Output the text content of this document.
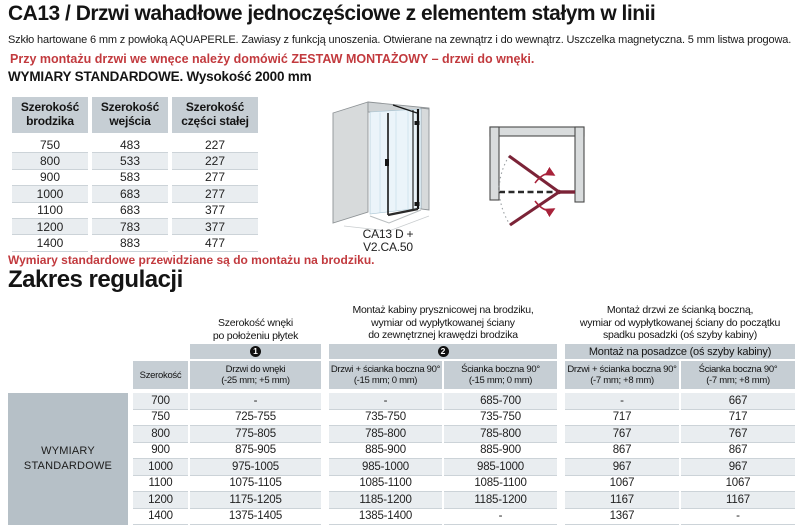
CA13 / Drzwi wahadłowe jednoczęściowe z elementem stałym w linii
Szkło hartowane 6 mm z powłoką AQUAPERLE. Zawiasy z funkcją unoszenia. Otwierane na zewnątrz i do wewnątrz. Uszczelka magnetyczna. 5 mm listwa progowa.
Przy montażu drzwi we wnęce należy domówić ZESTAW MONTAŻOWY – drzwi do wnęki.
WYMIARY STANDARDOWE. Wysokość 2000 mm
Szerokość brodzika
Szerokość wejścia
Szerokość części stałej
750	483	227
800	533	227
900	583	277
1000	683	277
1100	683	377
1200	783	377
1400	883	477
CA13 D +
V2.CA.50
Wymiary standardowe przewidziane są do montażu na brodziku.
Zakres regulacji
Szerokość wnęki
po położeniu płytek
Montaż kabiny prysznicowej na brodziku,
wymiar od wypłytkowanej ściany
do zewnętrznej krawędzi brodzika
Montaż drzwi ze ścianką boczną,
wymiar od wypłytkowanej ściany do początku
spadku posadzki (oś szyby kabiny)
1	2	Montaż na posadzce (oś szyby kabiny)
Szerokość	Drzwi do wnęki
(-25 mm; +5 mm)
Drzwi + ścianka boczna 90°
(-15 mm; 0 mm)
Ścianka boczna 90°
(-15 mm; 0 mm)
Drzwi + ścianka boczna 90°
(-7 mm; +8 mm)
Ścianka boczna 90°
(-7 mm; +8 mm)
700	-	-	685-700	-	667
750	725-755	735-750	735-750	717	717
800	775-805	785-800	785-800	767	767
900	875-905	885-900	885-900	867	867
1000	975-1005	985-1000	985-1000	967	967
1100	1075-1105	1085-1100	1085-1100	1067	1067
1200	1175-1205	1185-1200	1185-1200	1167	1167
1400	1375-1405	1385-1400	-	1367	-
WYMIARY
STANDARDOWE
